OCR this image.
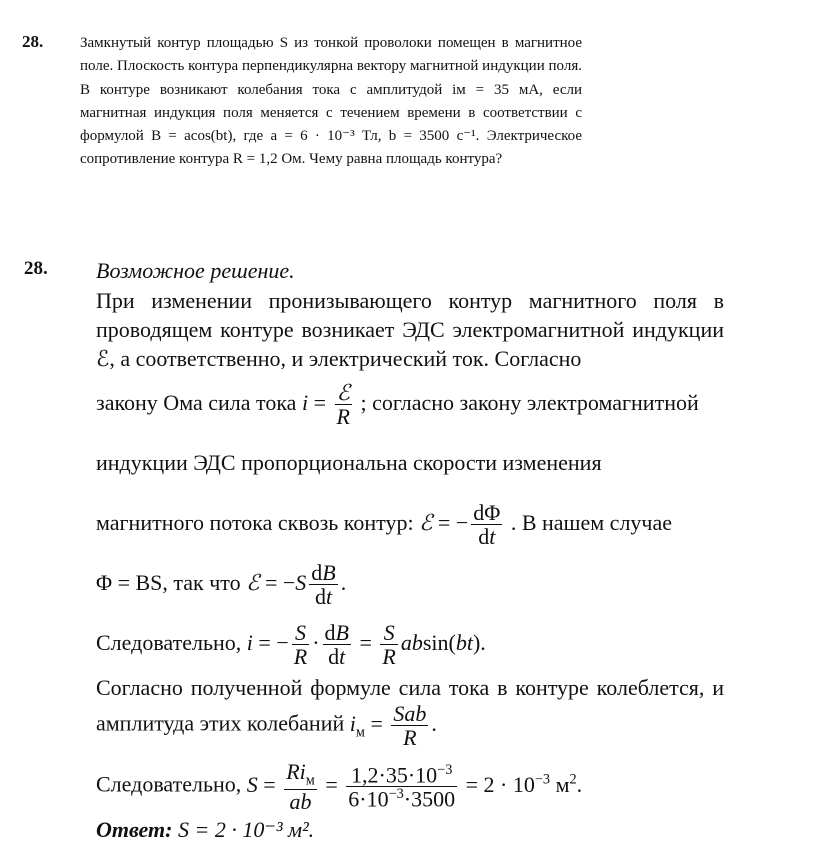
28. Замкнутый контур площадью S из тонкой проволоки помещен в магнитное поле. Плоскость контура перпендикулярна вектору магнитной индукции поля. В контуре возникают колебания тока с амплитудой iм = 35 мА, если магнитная индукция поля меняется с течением времени в соответствии с формулой B = acos(bt), где a = 6 · 10⁻³ Тл, b = 3500 с⁻¹. Электрическое сопротивление контура R = 1,2 Ом. Чему равна площадь контура?
28. Возможное решение.
При изменении пронизывающего контур магнитного поля в проводящем контуре возникает ЭДС электромагнитной индукции ℰ, а соответственно, и электрический ток. Согласно
закону Ома сила тока $i = \frac{\text{ℰ}}{R}$ ; согласно закону электромагнитной индукции ЭДС пропорциональна скорости изменения
магнитного потока сквозь контур: ℰ = − $\frac{d\Phi}{dt}$ . В нашем случае
Φ = BS, так что ℰ = $-S \frac{dB}{dt}$ .
Следовательно, i = − $\frac{S}{R} \cdot \frac{dB}{dt} = \frac{S}{R} absin(bt)$.
Согласно полученной формуле сила тока в контуре колеблется, и амплитуда этих колебаний $i_м = \frac{\text{Sab}}{R}$ .
Следовательно, $S = \frac{Ri_м}{ab} = \frac{1,2\cdot 35\cdot 10^{-3}}{6\cdot 10^{-3}\cdot 3500} = 2 \cdot 10^{-3}$ $м^2$.
Ответ: S = 2 · 10⁻³ м².
